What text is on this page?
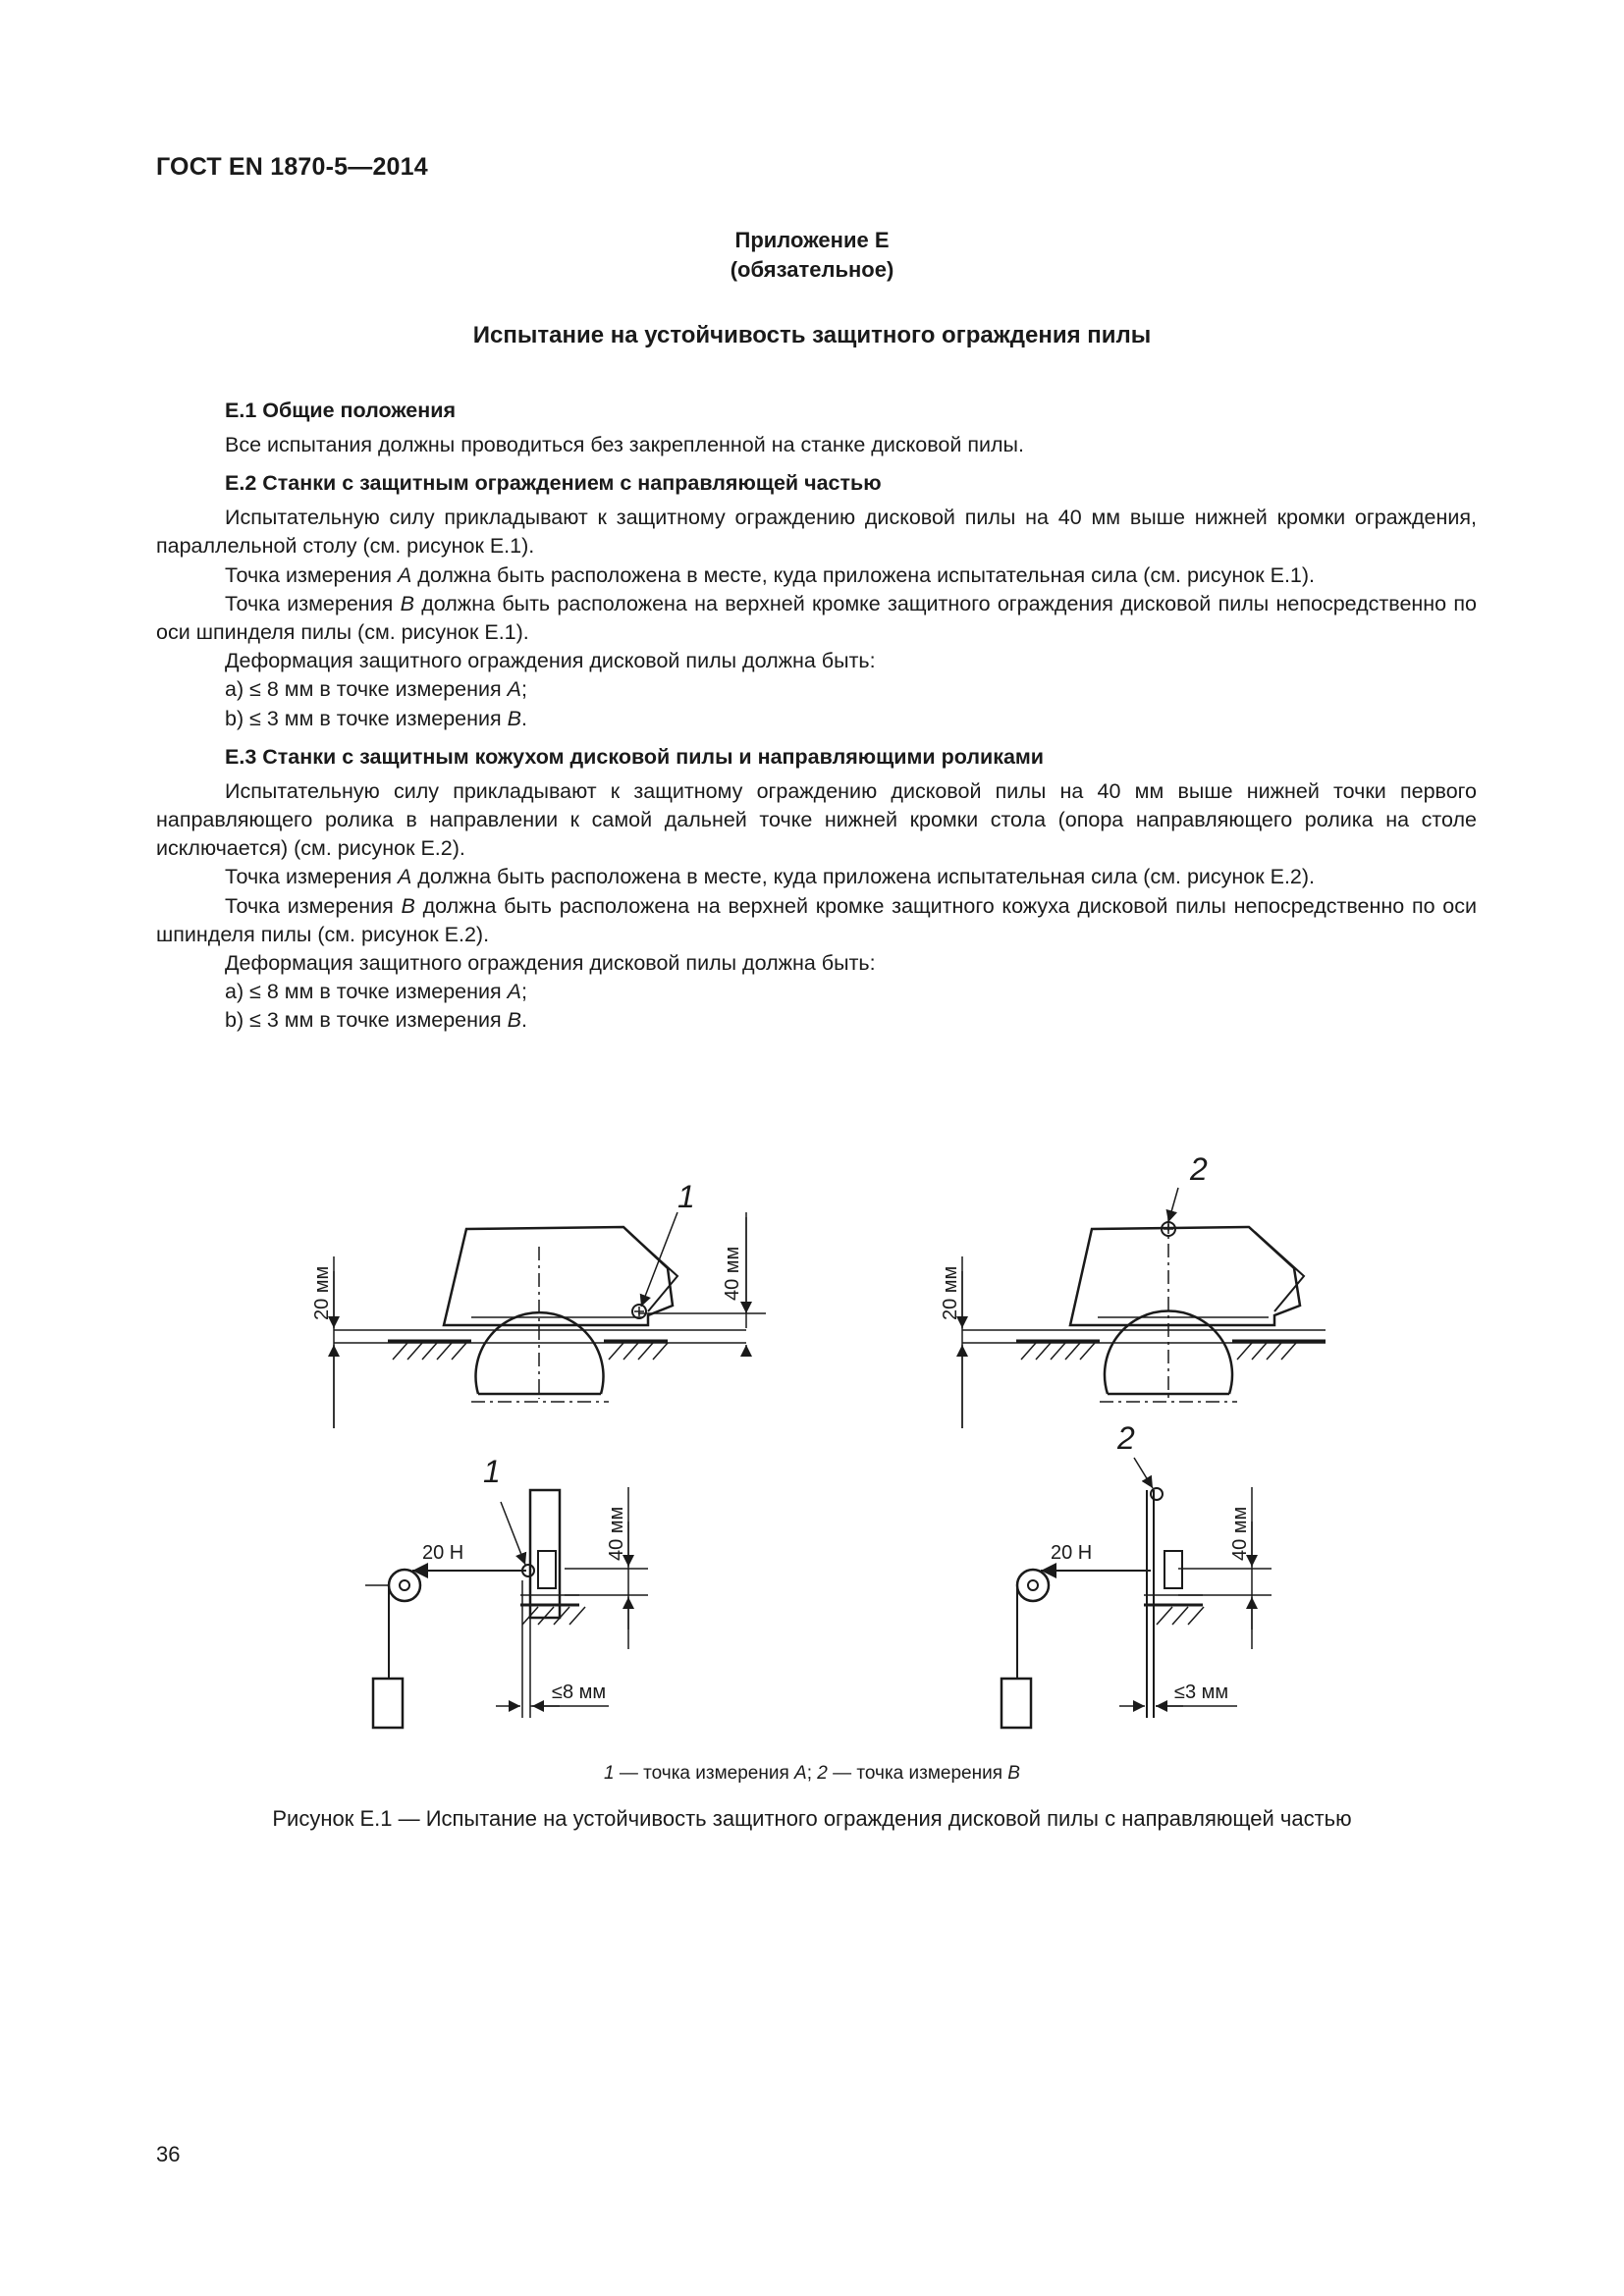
ГОСТ EN 1870-5—2014
Приложение Е
(обязательное)
Испытание на устойчивость защитного ограждения пилы
Е.1 Общие положения

Все испытания должны проводиться без закрепленной на станке дисковой пилы.

Е.2 Станки с защитным ограждением с направляющей частью

Испытательную силу прикладывают к защитному ограждению дисковой пилы на 40 мм выше нижней кромки ограждения, параллельной столу (см. рисунок Е.1).

Точка измерения А должна быть расположена в месте, куда приложена испытательная сила (см. рисунок Е.1).

Точка измерения В должна быть расположена на верхней кромке защитного ограждения дисковой пилы непосредственно по оси шпинделя пилы (см. рисунок Е.1).

Деформация защитного ограждения дисковой пилы должна быть:

a) ≤ 8 мм в точке измерения А;

b) ≤ 3 мм в точке измерения В.

Е.3 Станки с защитным кожухом дисковой пилы и направляющими роликами

Испытательную силу прикладывают к защитному ограждению дисковой пилы на 40 мм выше нижней точки первого направляющего ролика в направлении к самой дальней точке нижней кромки стола (опора направляющего ролика на столе исключается) (см. рисунок Е.2).

Точка измерения А должна быть расположена в месте, куда приложена испытательная сила (см. рисунок Е.2).

Точка измерения В должна быть расположена на верхней кромке защитного кожуха дисковой пилы непосредственно по оси шпинделя пилы (см. рисунок Е.2).

Деформация защитного ограждения дисковой пилы должна быть:

a) ≤ 8 мм в точке измерения А;

b) ≤ 3 мм в точке измерения В.

1
2
1
2
20 мм	20 мм
40 мм
40 мм	40 мм
20 Н	20 Н
≤8 мм	≤3 мм
1 — точка измерения А; 2 — точка измерения В
Рисунок Е.1 — Испытание на устойчивость защитного ограждения дисковой пилы с направляющей частью
36
